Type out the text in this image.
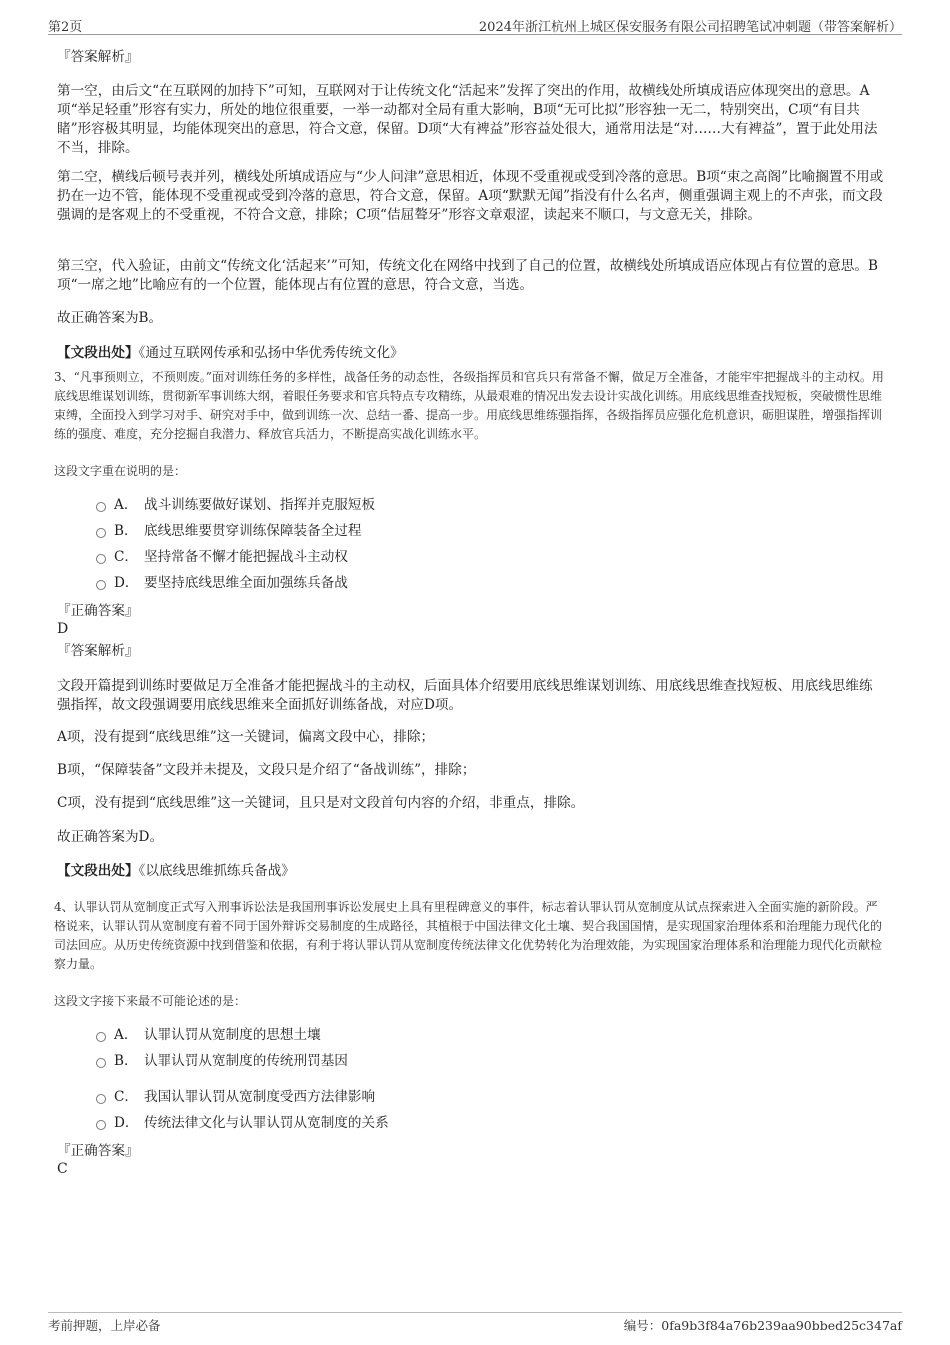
第2页	2024年浙江杭州上城区保安服务有限公司招聘笔试冲刺题（带答案解析）
『答案解析』

第一空，由后文“在互联网的加持下”可知，互联网对于让传统文化“活起来”发挥了突出的作用，故横线处所填成语应体现突出的意思。A项“举足轻重”形容有实力，所处的地位很重要，一举一动都对全局有重大影响，B项“无可比拟”形容独一无二，特别突出，C项“有目共睹”形容极其明显，均能体现突出的意思，符合文意，保留。D项“大有裨益”形容益处很大，通常用法是“对……大有裨益”，置于此处用法不当，排除。

第二空，横线后顿号表并列，横线处所填成语应与“少人问津”意思相近，体现不受重视或受到冷落的意思。B项“束之高阁”比喻搁置不用或扔在一边不管，能体现不受重视或受到冷落的意思，符合文意，保留。A项“默默无闻”指没有什么名声，侧重强调主观上的不声张，而文段强调的是客观上的不受重视，不符合文意，排除；C项“佶屈聱牙”形容文章艰涩，读起来不顺口，与文意无关，排除。

第三空，代入验证，由前文“传统文化‘活起来’”可知，传统文化在网络中找到了自己的位置，故横线处所填成语应体现占有位置的意思。B项“一席之地”比喻应有的一个位置，能体现占有位置的意思，符合文意，当选。

故正确答案为B。

【文段出处】《通过互联网传承和弘扬中华优秀传统文化》

3、“凡事预则立，不预则废。”面对训练任务的多样性，战备任务的动态性，各级指挥员和官兵只有常备不懈，做足万全准备，才能牢牢把握战斗的主动权。用底线思维谋划训练，贯彻新军事训练大纲，着眼任务要求和官兵特点专攻精练，从最艰难的情况出发去设计实战化训练。用底线思维查找短板，突破惯性思维束缚，全面投入到学习对手、研究对手中，做到训练一次、总结一番、提高一步。用底线思维练强指挥，各级指挥员应强化危机意识，砺胆谋胜，增强指挥训练的强度、难度，充分挖掘自我潜力、释放官兵活力，不断提高实战化训练水平。

这段文字重在说明的是：

A． 战斗训练要做好谋划、指挥并克服短板
B． 底线思维要贯穿训练保障装备全过程
C． 坚持常备不懈才能把握战斗主动权
D． 要坚持底线思维全面加强练兵备战
『正确答案』
D
『答案解析』

文段开篇提到训练时要做足万全准备才能把握战斗的主动权，后面具体介绍要用底线思维谋划训练、用底线思维查找短板、用底线思维练强指挥，故文段强调要用底线思维来全面抓好训练备战，对应D项。

A项，没有提到“底线思维”这一关键词，偏离文段中心，排除；

B项，“保障装备”文段并未提及，文段只是介绍了“备战训练”，排除；

C项，没有提到“底线思维”这一关键词，且只是对文段首句内容的介绍，非重点，排除。

故正确答案为D。

【文段出处】《以底线思维抓练兵备战》

4、认罪认罚从宽制度正式写入刑事诉讼法是我国刑事诉讼发展史上具有里程碑意义的事件，标志着认罪认罚从宽制度从试点探索进入全面实施的新阶段。严格说来，认罪认罚从宽制度有着不同于国外辩诉交易制度的生成路径，其植根于中国法律文化土壤、契合我国国情，是实现国家治理体系和治理能力现代化的司法回应。从历史传统资源中找到借鉴和依据，有利于将认罪认罚从宽制度传统法律文化优势转化为治理效能，为实现国家治理体系和治理能力现代化贡献检察力量。

这段文字接下来最不可能论述的是：

A． 认罪认罚从宽制度的思想土壤
B． 认罪认罚从宽制度的传统刑罚基因
C． 我国认罪认罚从宽制度受西方法律影响
D． 传统法律文化与认罪认罚从宽制度的关系
『正确答案』
C
考前押题，上岸必备	编号：0fa9b3f84a76b239aa90bbed25c347af
